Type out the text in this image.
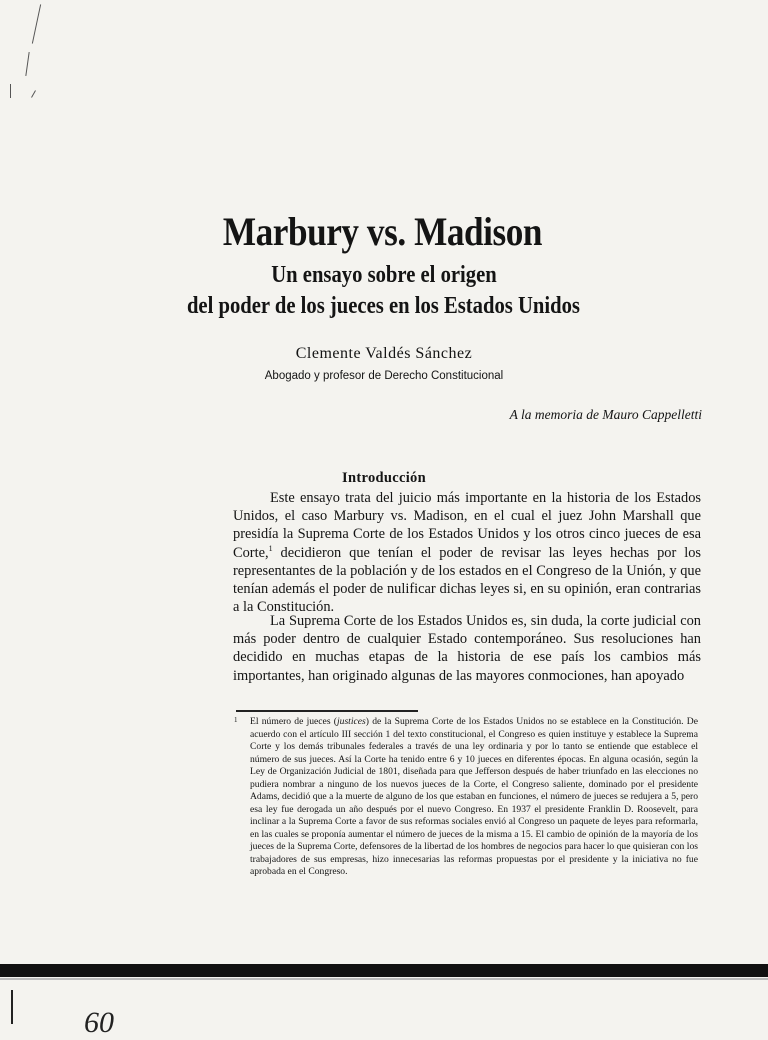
Marbury vs. Madison
Un ensayo sobre el origen
del poder de los jueces en los Estados Unidos
Clemente Valdés Sánchez
Abogado y profesor de Derecho Constitucional
A la memoria de Mauro Cappelletti
Introducción

Este ensayo trata del juicio más importante en la historia de los Estados Unidos, el caso Marbury vs. Madison, en el cual el juez John Marshall que presidía la Suprema Corte de los Estados Unidos y los otros cinco jueces de esa Corte,$^1$ decidieron que tenían el poder de revisar las leyes hechas por los representantes de la población y de los estados en el Congreso de la Unión, y que tenían además el poder de nulificar dichas leyes si, en su opinión, eran contrarias a la Constitución.

La Suprema Corte de los Estados Unidos es, sin duda, la corte judicial con más poder dentro de cualquier Estado contemporáneo. Sus resoluciones han decidido en muchas etapas de la historia de ese país los cambios más importantes, han originado algunas de las mayores conmociones, han apoyado

1	El número de jueces (justices) de la Suprema Corte de los Estados Unidos no se establece en la Constitución. De acuerdo con el artículo III sección 1 del texto constitucional, el Congreso es quien instituye y establece la Suprema Corte y los demás tribunales federales a través de una ley ordinaria y por lo tanto se entiende que establece el número de sus jueces. Así la Corte ha tenido entre 6 y 10 jueces en diferentes épocas. En alguna ocasión, según la Ley de Organización Judicial de 1801, diseñada para que Jefferson después de haber triunfado en las elecciones no pudiera nombrar a ninguno de los nuevos jueces de la Corte, el Congreso saliente, dominado por el presidente Adams, decidió que a la muerte de alguno de los que estaban en funciones, el número de jueces se redujera a 5, pero esa ley fue derogada un año después por el nuevo Congreso. En 1937 el presidente Franklin D. Roosevelt, para inclinar a la Suprema Corte a favor de sus reformas sociales envió al Congreso un paquete de leyes para reformarla, en las cuales se proponía aumentar el número de jueces de la misma a 15. El cambio de opinión de la mayoría de los jueces de la Suprema Corte, defensores de la libertad de los hombres de negocios para hacer lo que quisieran con los trabajadores de sus empresas, hizo innecesarias las reformas propuestas por el presidente y la iniciativa no fue aprobada en el Congreso.
60
